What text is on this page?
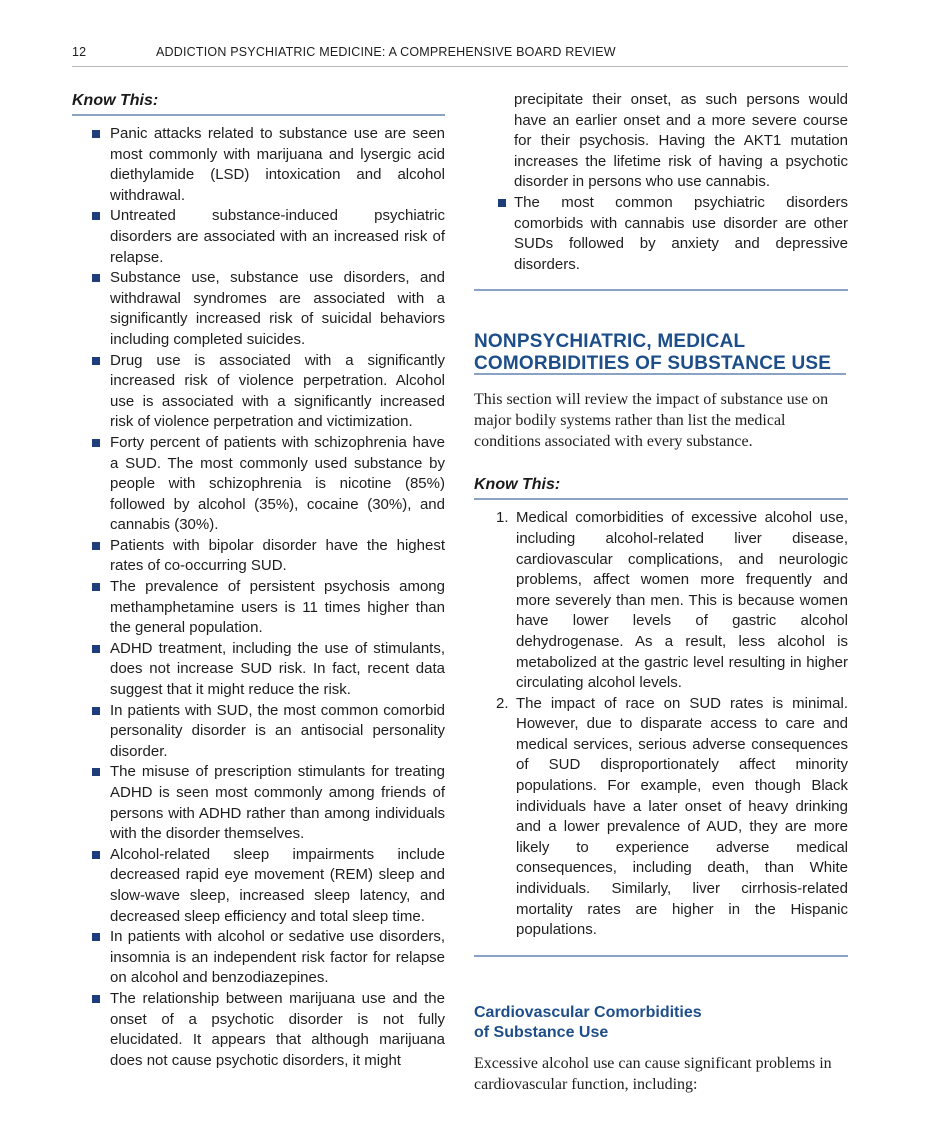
12	ADDICTION PSYCHIATRIC MEDICINE: A COMPREHENSIVE BOARD REVIEW
Know This:
Panic attacks related to substance use are seen most commonly with marijuana and lysergic acid diethylamide (LSD) intoxication and alcohol withdrawal.
Untreated substance-induced psychiatric disorders are associated with an increased risk of relapse.
Substance use, substance use disorders, and withdrawal syndromes are associated with a significantly increased risk of suicidal behaviors including completed suicides.
Drug use is associated with a significantly increased risk of violence perpetration. Alcohol use is associated with a significantly increased risk of violence perpetration and victimization.
Forty percent of patients with schizophrenia have a SUD. The most commonly used substance by people with schizophrenia is nicotine (85%) followed by alcohol (35%), cocaine (30%), and cannabis (30%).
Patients with bipolar disorder have the highest rates of co-occurring SUD.
The prevalence of persistent psychosis among methamphetamine users is 11 times higher than the general population.
ADHD treatment, including the use of stimulants, does not increase SUD risk. In fact, recent data suggest that it might reduce the risk.
In patients with SUD, the most common comorbid personality disorder is an antisocial personality disorder.
The misuse of prescription stimulants for treating ADHD is seen most commonly among friends of persons with ADHD rather than among individuals with the disorder themselves.
Alcohol-related sleep impairments include decreased rapid eye movement (REM) sleep and slow-wave sleep, increased sleep latency, and decreased sleep efficiency and total sleep time.
In patients with alcohol or sedative use disorders, insomnia is an independent risk factor for relapse on alcohol and benzodiazepines.
The relationship between marijuana use and the onset of a psychotic disorder is not fully elucidated. It appears that although marijuana does not cause psychotic disorders, it might
precipitate their onset, as such persons would have an earlier onset and a more severe course for their psychosis. Having the AKT1 mutation increases the lifetime risk of having a psychotic disorder in persons who use cannabis.
The most common psychiatric disorders comorbids with cannabis use disorder are other SUDs followed by anxiety and depressive disorders.
NONPSYCHIATRIC, MEDICAL
COMORBIDITIES OF SUBSTANCE USE

This section will review the impact of substance use on major bodily systems rather than list the medical conditions associated with every substance.

Know This:
1. Medical comorbidities of excessive alcohol use, including alcohol-related liver disease, cardiovascular complications, and neurologic problems, affect women more frequently and more severely than men. This is because women have lower levels of gastric alcohol dehydrogenase. As a result, less alcohol is metabolized at the gastric level resulting in higher circulating alcohol levels.
2. The impact of race on SUD rates is minimal. However, due to disparate access to care and medical services, serious adverse consequences of SUD disproportionately affect minority populations. For example, even though Black individuals have a later onset of heavy drinking and a lower prevalence of AUD, they are more likely to experience adverse medical consequences, including death, than White individuals. Similarly, liver cirrhosis-related mortality rates are higher in the Hispanic populations.
Cardiovascular Comorbidities
of Substance Use

Excessive alcohol use can cause significant problems in cardiovascular function, including:
